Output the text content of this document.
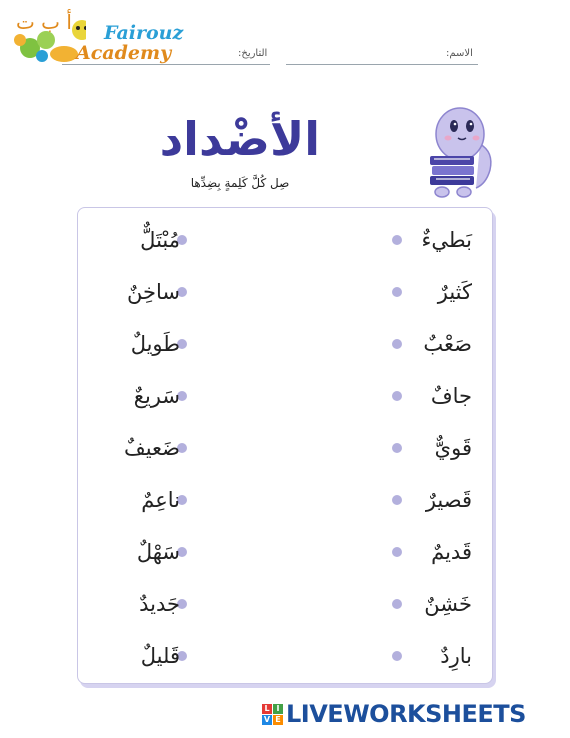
أ ب ت Fairouz
Academy	الاسم:
التاريخ:
الأضْداد
صِل كُلَّ كَلِمةٍ بِضِدِّها
بَطيءٌ
مُبْتَلٌّ
كَثيرٌ
ساخِنٌ
صَعْبٌ
طَويلٌ
جافٌ
سَريعٌ
قَويٌّ
ضَعيفٌ
قَصيرٌ
ناعِمٌ
قَديمٌ
سَهْلٌ
خَشِنٌ
جَديدٌ
بارِدٌ
قَليلٌ
L I
V E LIVEWORKSHEETS
